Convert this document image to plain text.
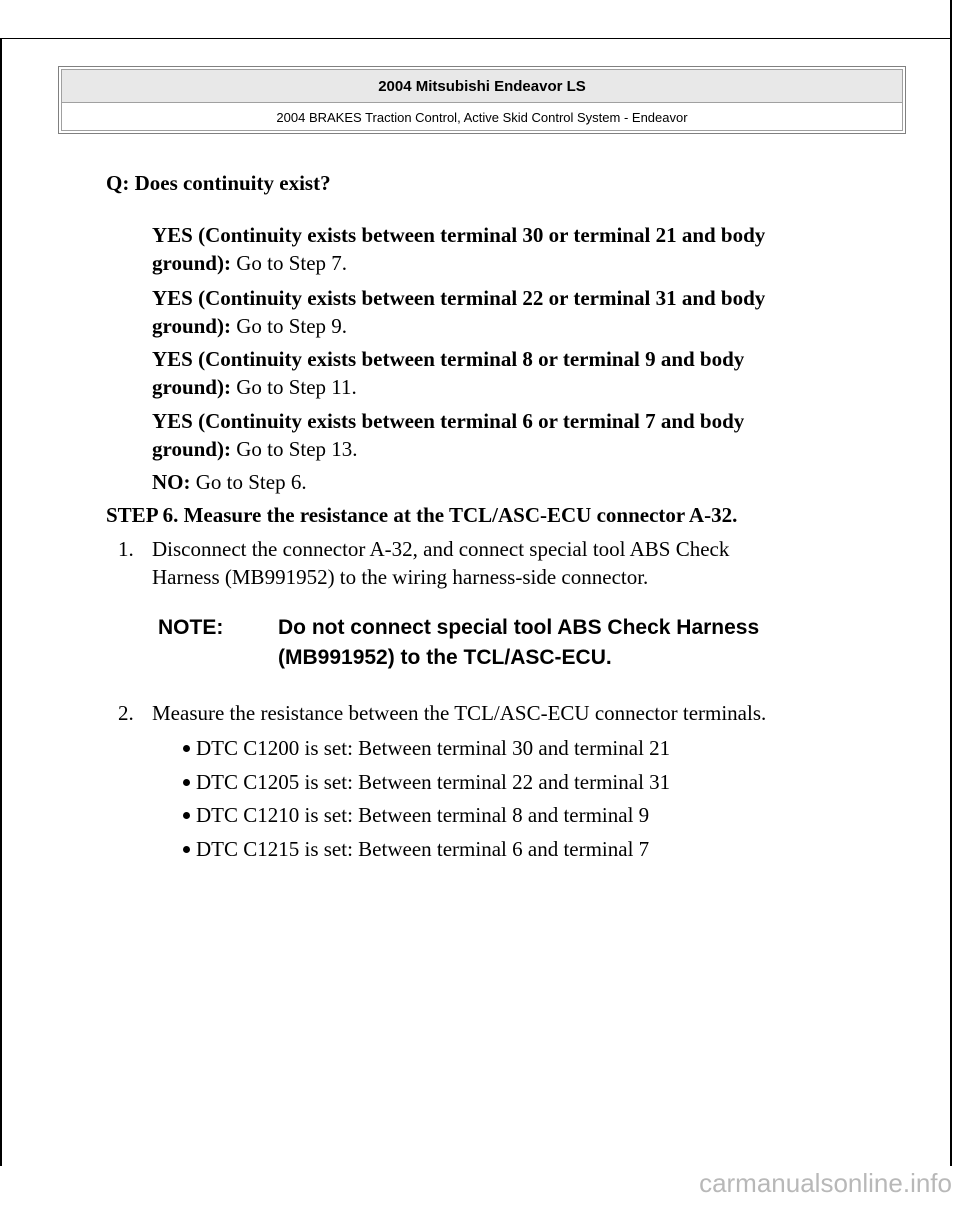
2004 Mitsubishi Endeavor LS
2004 BRAKES Traction Control, Active Skid Control System - Endeavor
Q: Does continuity exist?
YES (Continuity exists between terminal 30 or terminal 21 and body
ground): Go to Step 7.
YES (Continuity exists between terminal 22 or terminal 31 and body
ground): Go to Step 9.
YES (Continuity exists between terminal 8 or terminal 9 and body
ground): Go to Step 11.
YES (Continuity exists between terminal 6 or terminal 7 and body
ground): Go to Step 13.
NO: Go to Step 6.
STEP 6. Measure the resistance at the TCL/ASC-ECU connector A-32.
1. Disconnect the connector A-32, and connect special tool ABS Check
Harness (MB991952) to the wiring harness-side connector.
NOTE:	Do not connect special tool ABS Check Harness
(MB991952) to the TCL/ASC-ECU.
2. Measure the resistance between the TCL/ASC-ECU connector terminals.
DTC C1200 is set: Between terminal 30 and terminal 21
DTC C1205 is set: Between terminal 22 and terminal 31
DTC C1210 is set: Between terminal 8 and terminal 9
DTC C1215 is set: Between terminal 6 and terminal 7
carmanualsonline.info
